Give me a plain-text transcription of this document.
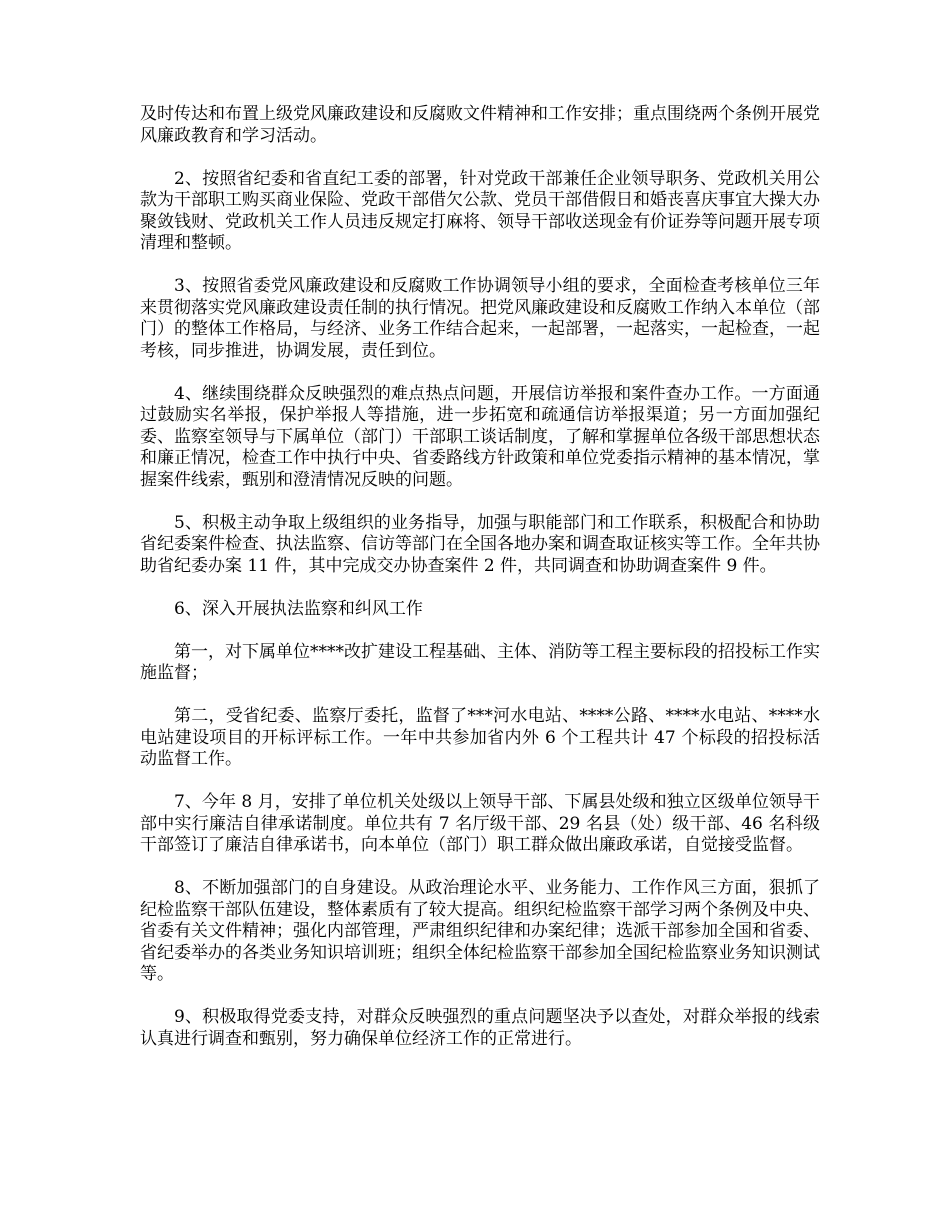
及时传达和布置上级党风廉政建设和反腐败文件精神和工作安排；重点围绕两个条例开展党风廉政教育和学习活动。

2、按照省纪委和省直纪工委的部署，针对党政干部兼任企业领导职务、党政机关用公款为干部职工购买商业保险、党政干部借欠公款、党员干部借假日和婚丧喜庆事宜大操大办聚敛钱财、党政机关工作人员违反规定打麻将、领导干部收送现金有价证券等问题开展专项清理和整顿。

3、按照省委党风廉政建设和反腐败工作协调领导小组的要求，全面检查考核单位三年来贯彻落实党风廉政建设责任制的执行情况。把党风廉政建设和反腐败工作纳入本单位（部门）的整体工作格局，与经济、业务工作结合起来，一起部署，一起落实，一起检查，一起考核，同步推进，协调发展，责任到位。

4、继续围绕群众反映强烈的难点热点问题，开展信访举报和案件查办工作。一方面通过鼓励实名举报，保护举报人等措施，进一步拓宽和疏通信访举报渠道；另一方面加强纪委、监察室领导与下属单位（部门）干部职工谈话制度，了解和掌握单位各级干部思想状态和廉正情况，检查工作中执行中央、省委路线方针政策和单位党委指示精神的基本情况，掌握案件线索，甄别和澄清情况反映的问题。

5、积极主动争取上级组织的业务指导，加强与职能部门和工作联系，积极配合和协助省纪委案件检查、执法监察、信访等部门在全国各地办案和调查取证核实等工作。全年共协助省纪委办案 11 件，其中完成交办协查案件 2 件，共同调查和协助调查案件 9 件。

6、深入开展执法监察和纠风工作

第一，对下属单位****改扩建设工程基础、主体、消防等工程主要标段的招投标工作实施监督；

第二，受省纪委、监察厅委托，监督了***河水电站、****公路、****水电站、****水电站建设项目的开标评标工作。一年中共参加省内外 6 个工程共计 47 个标段的招投标活动监督工作。

7、今年 8 月，安排了单位机关处级以上领导干部、下属县处级和独立区级单位领导干部中实行廉洁自律承诺制度。单位共有 7 名厅级干部、29 名县（处）级干部、46 名科级干部签订了廉洁自律承诺书，向本单位（部门）职工群众做出廉政承诺，自觉接受监督。

8、不断加强部门的自身建设。从政治理论水平、业务能力、工作作风三方面，狠抓了纪检监察干部队伍建设，整体素质有了较大提高。组织纪检监察干部学习两个条例及中央、省委有关文件精神；强化内部管理，严肃组织纪律和办案纪律；选派干部参加全国和省委、省纪委举办的各类业务知识培训班；组织全体纪检监察干部参加全国纪检监察业务知识测试等。

9、积极取得党委支持，对群众反映强烈的重点问题坚决予以查处，对群众举报的线索认真进行调查和甄别，努力确保单位经济工作的正常进行。
